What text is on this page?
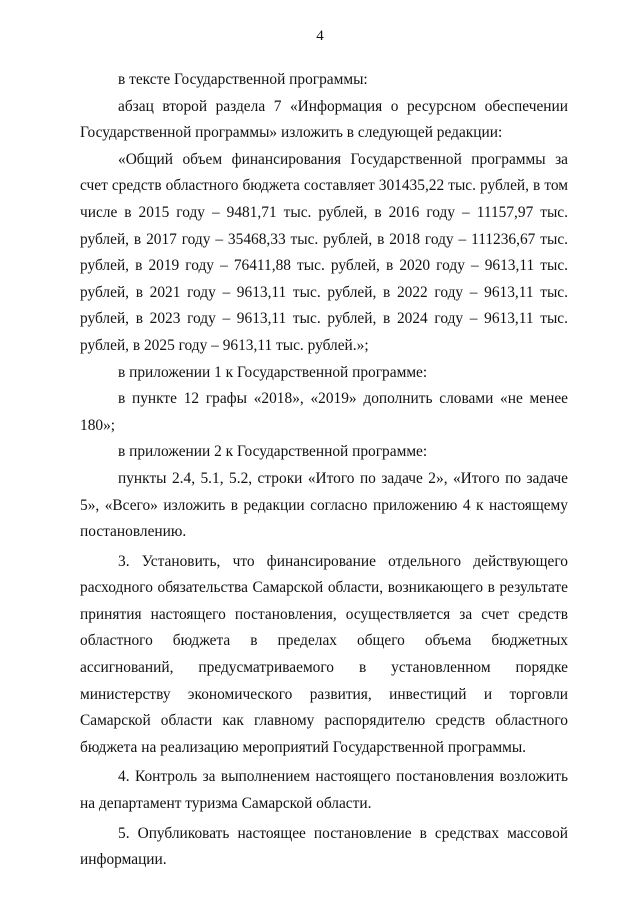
4

в тексте Государственной программы:

абзац второй раздела 7 «Информация о ресурсном обеспечении Государственной программы» изложить в следующей редакции:

«Общий объем финансирования Государственной программы за счет средств областного бюджета составляет 301435,22 тыс. рублей, в том числе в 2015 году – 9481,71 тыс. рублей, в 2016 году – 11157,97 тыс. рублей, в 2017 году – 35468,33 тыс. рублей, в 2018 году – 111236,67 тыс. рублей, в 2019 году – 76411,88 тыс. рублей, в 2020 году – 9613,11 тыс. рублей, в 2021 году – 9613,11 тыс. рублей, в 2022 году – 9613,11 тыс. рублей, в 2023 году – 9613,11 тыс. рублей, в 2024 году – 9613,11 тыс. рублей, в 2025 году – 9613,11 тыс. рублей.»;

в приложении 1 к Государственной программе:

в пункте 12 графы «2018», «2019» дополнить словами «не менее 180»;

в приложении 2 к Государственной программе:

пункты 2.4, 5.1, 5.2, строки «Итого по задаче 2», «Итого по задаче 5», «Всего» изложить в редакции согласно приложению 4 к настоящему постановлению.

3. Установить, что финансирование отдельного действующего расходного обязательства Самарской области, возникающего в результате принятия настоящего постановления, осуществляется за счет средств областного бюджета в пределах общего объема бюджетных ассигнований, предусматриваемого в установленном порядке министерству экономического развития, инвестиций и торговли Самарской области как главному распорядителю средств областного бюджета на реализацию мероприятий Государственной программы.

4. Контроль за выполнением настоящего постановления возложить на департамент туризма Самарской области.

5. Опубликовать настоящее постановление в средствах массовой информации.
